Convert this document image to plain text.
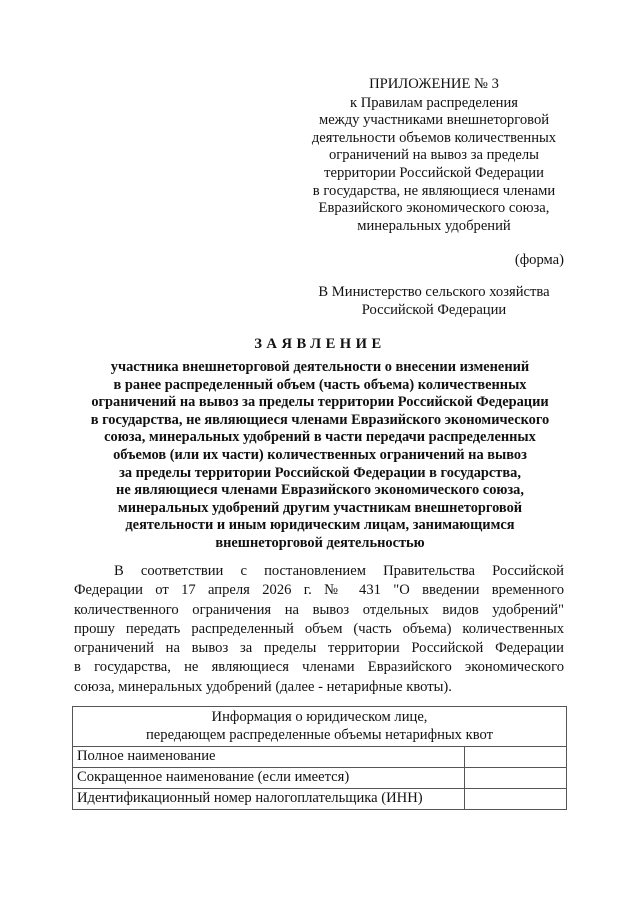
ПРИЛОЖЕНИЕ № 3
к Правилам распределения
между участниками внешнеторговой
деятельности объемов количественных
ограничений на вывоз за пределы
территории Российской Федерации
в государства, не являющиеся членами
Евразийского экономического союза,
минеральных удобрений
(форма)
В Министерство сельского хозяйства
Российской Федерации
ЗАЯВЛЕНИЕ
участника внешнеторговой деятельности о внесении изменений
в ранее распределенный объем (часть объема) количественных
ограничений на вывоз за пределы территории Российской Федерации
в государства, не являющиеся членами Евразийского экономического
союза, минеральных удобрений в части передачи распределенных
объемов (или их части) количественных ограничений на вывоз
за пределы территории Российской Федерации в государства,
не являющиеся членами Евразийского экономического союза,
минеральных удобрений другим участникам внешнеторговой
деятельности и иным юридическим лицам, занимающимся
внешнеторговой деятельностью
В соответствии с постановлением Правительства Российской
Федерации от 17 апреля 2026 г. № 431 "О введении временного
количественного ограничения на вывоз отдельных видов удобрений"
прошу передать распределенный объем (часть объема) количественных
ограничений на вывоз за пределы территории Российской Федерации
в государства, не являющиеся членами Евразийского экономического
союза, минеральных удобрений (далее - нетарифные квоты).
Информация о юридическом лице,
передающем распределенные объемы нетарифных квот	

Полное наименование	
Сокращенное наименование (если имеется)	
Идентификационный номер налогоплательщика (ИНН)	
